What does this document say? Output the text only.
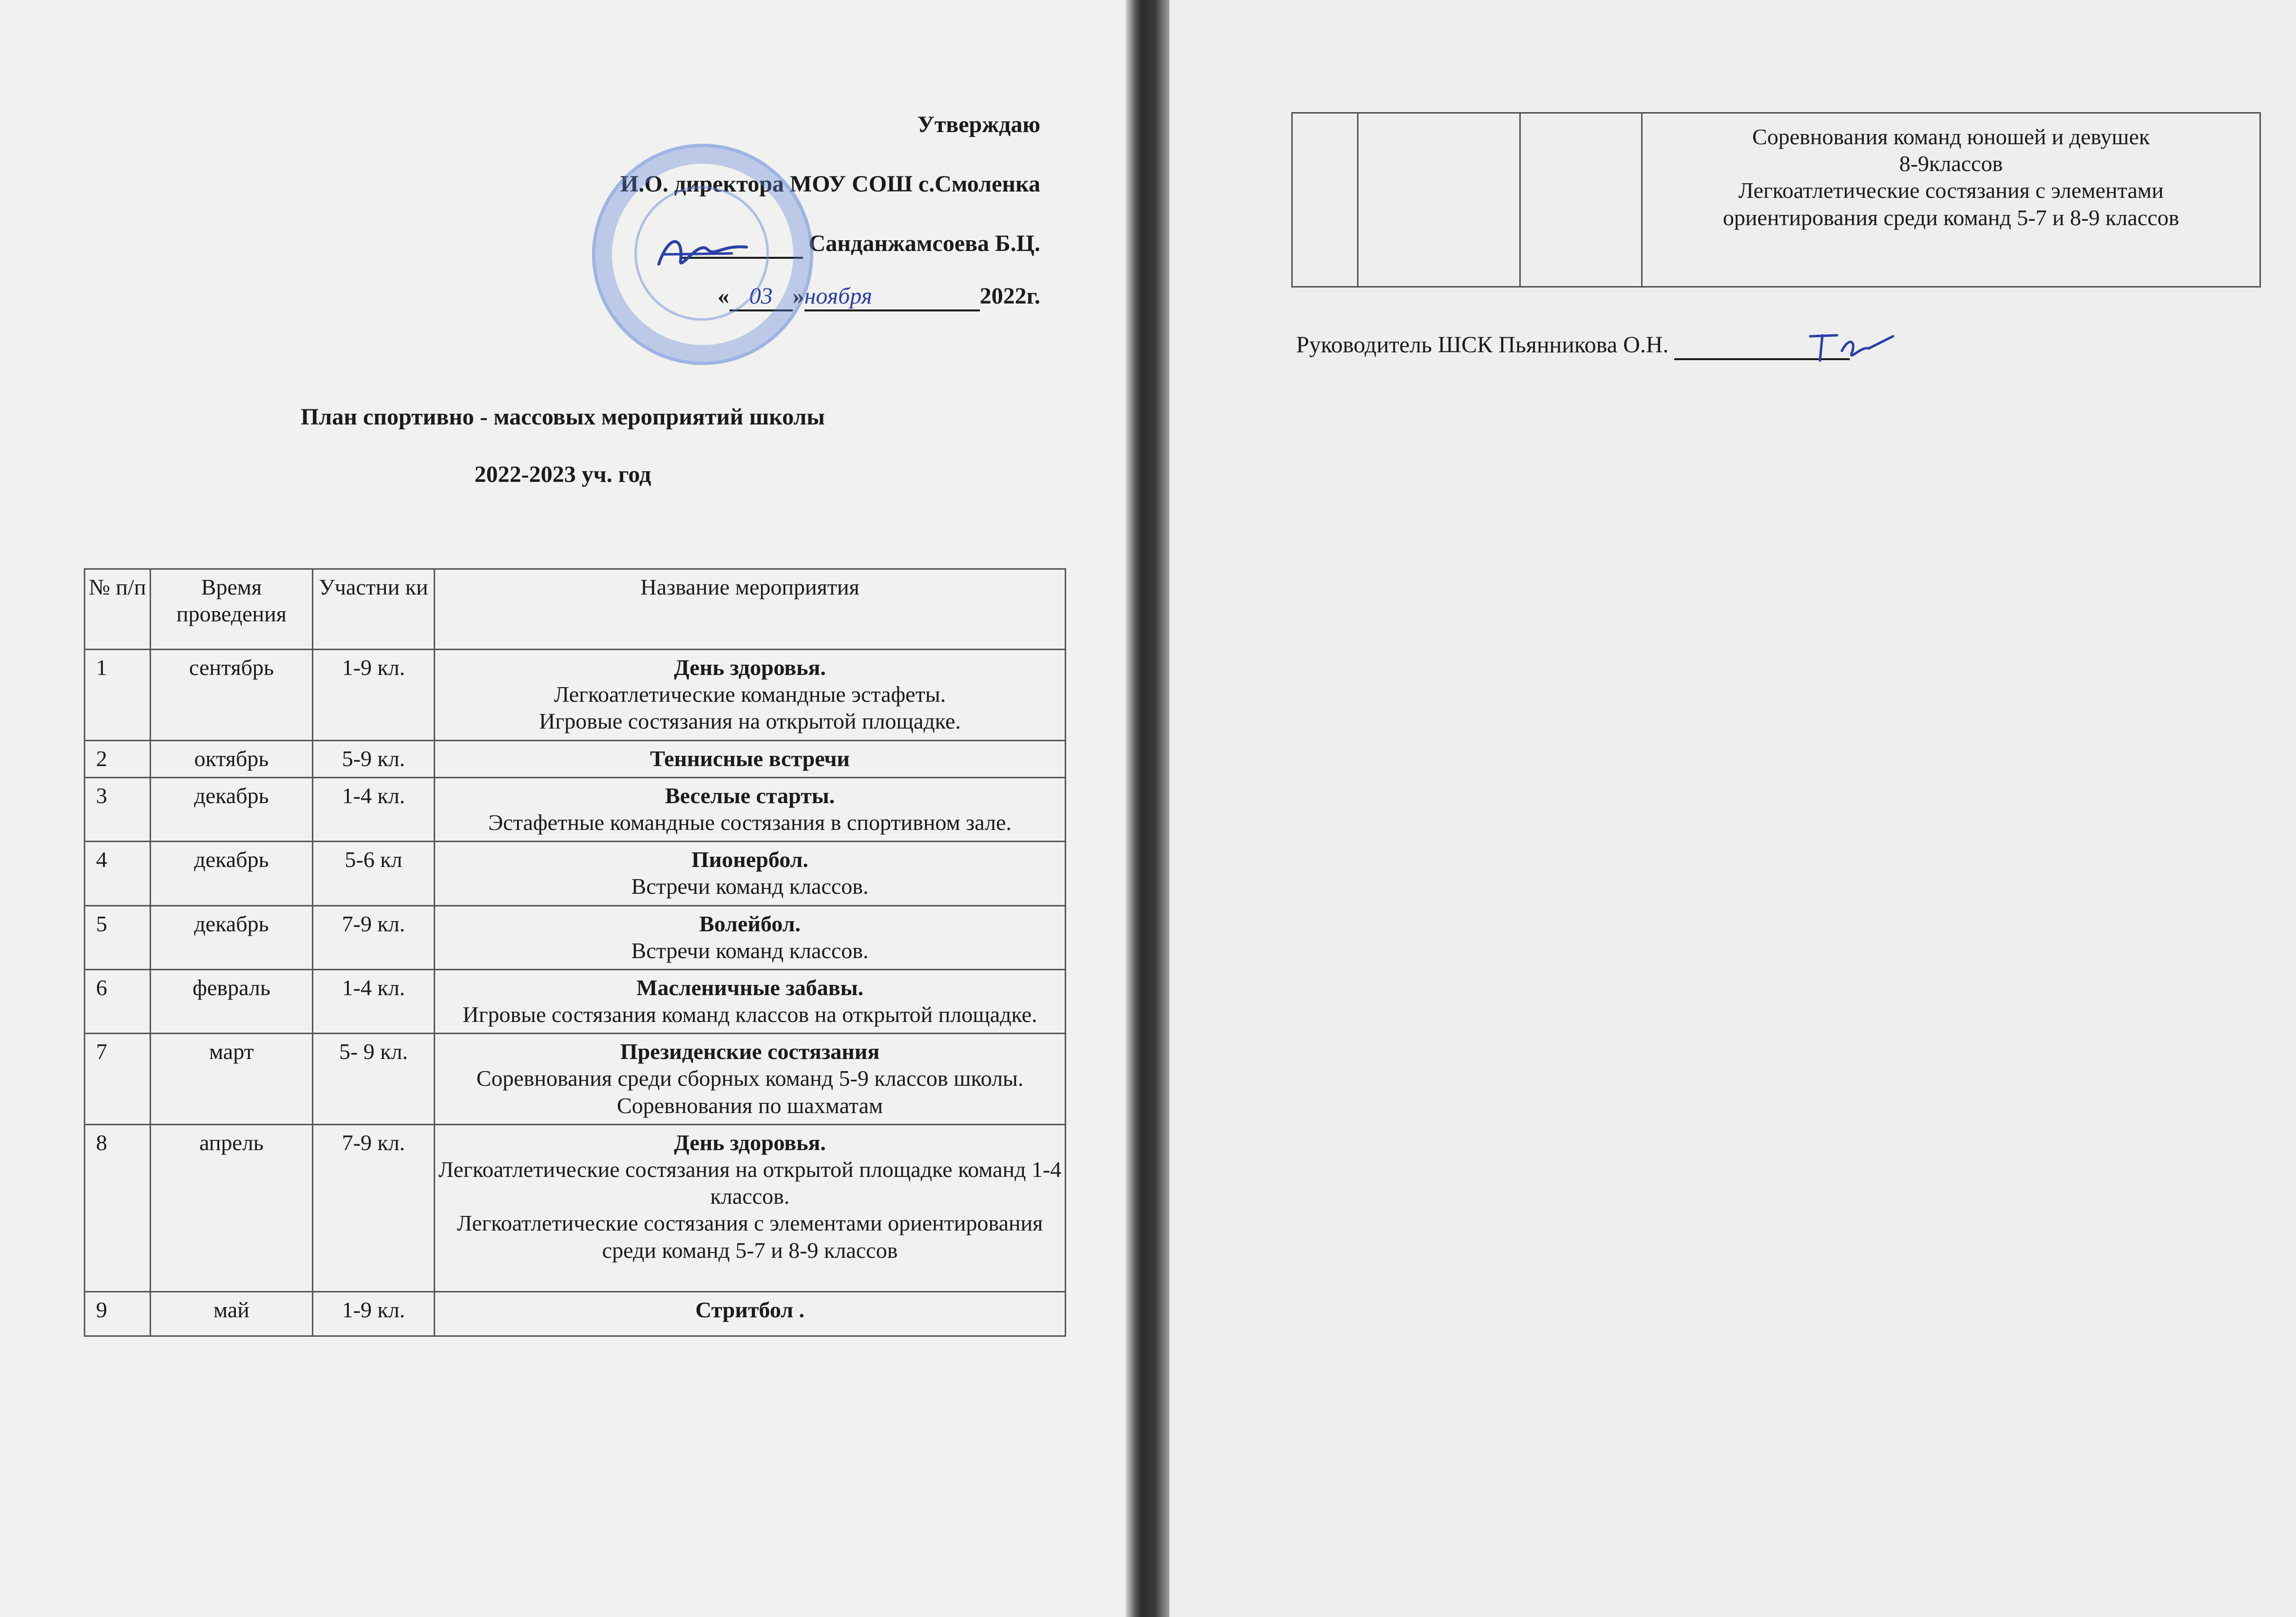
Утверждаю
И.О. директора МОУ СОШ с.Смоленка
Санданжамсоева Б.Ц.
« 03 »ноября	2022г.
План спортивно - массовых мероприятий школы
2022-2023 уч. год
№ п/п	Время проведения	Участни ки	Название мероприятия
1	сентябрь	1-9 кл.	День здоровья.
Легкоатлетические командные эстафеты.
Игровые состязания на открытой площадке.

2	октябрь	5-9 кл.	Теннисные встречи

3	декабрь	1-4 кл.	Веселые старты.
Эстафетные командные состязания в спортивном зале.

4	декабрь	5-6 кл	Пионербол.
Встречи команд классов.

5	декабрь	7-9 кл.	Волейбол.
Встречи команд классов.

6	февраль	1-4 кл.	Масленичные забавы.
Игровые состязания команд классов на открытой площадке.

7	март	5- 9 кл.	Президенские состязания
Соревнования среди сборных команд 5-9 классов школы.
Соревнования по шахматам

8	апрель	7-9 кл.	День здоровья.
Легкоатлетические состязания на открытой площадке команд 1-4 классов.
Легкоатлетические состязания с элементами ориентирования среди команд 5-7 и 8-9 классов

9	май	1-9 кл.	Стритбол .

Соревнования команд юношей и девушек
8-9классов
Легкоатлетические состязания с элементами
ориентирования среди команд 5-7 и 8-9 классов
Руководитель ШСК Пьянникова О.Н.
